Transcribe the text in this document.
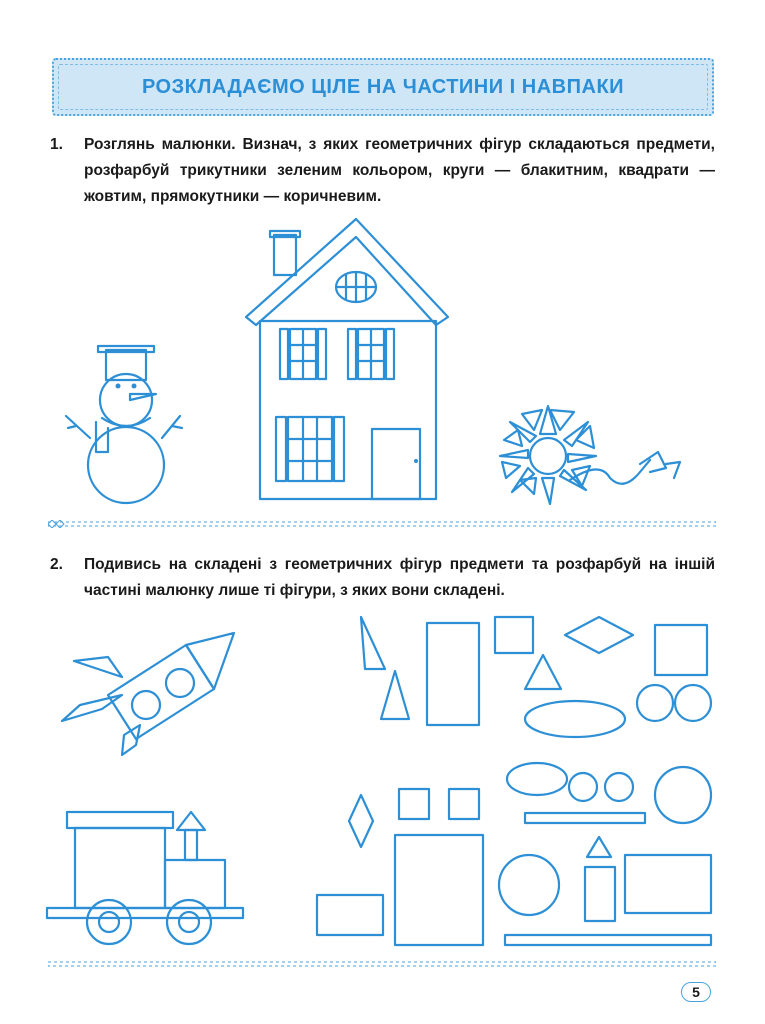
РОЗКЛАДАЄМО ЦІЛЕ НА ЧАСТИНИ І НАВПАКИ
1.	Розглянь малюнки. Визнач, з яких геометричних фігур складаються предмети, розфарбуй трикутники зеленим кольором, круги — блакитним, квадрати — жовтим, прямокутники — коричневим.
2.	Подивись на складені з геометричних фігур предмети та розфарбуй на іншій частині малюнку лише ті фігури, з яких вони складені.
5
